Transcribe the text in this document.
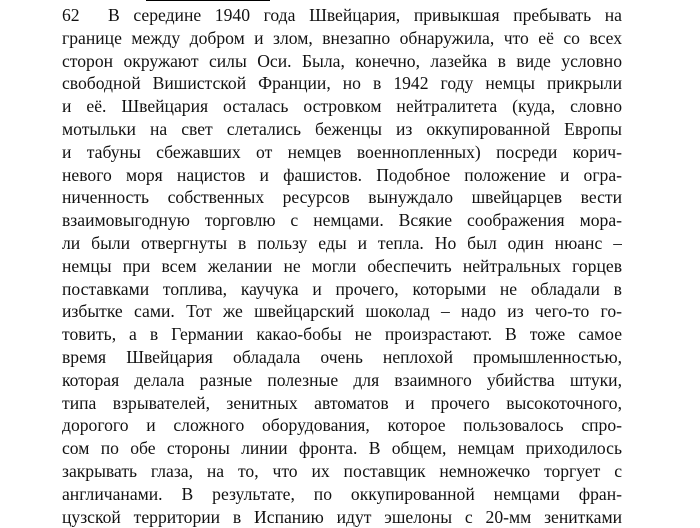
62 В середине 1940 года Швейцария, привыкшая пребывать на
границе между добром и злом, внезапно обнаружила, что её со всех
сторон окружают силы Оси. Была, конечно, лазейка в виде условно
свободной Вишистской Франции, но в 1942 году немцы прикрыли
и её. Швейцария осталась островком нейтралитета (куда, словно
мотыльки на свет слетались беженцы из оккупированной Европы
и табуны сбежавших от немцев военнопленных) посреди корич-
невого моря нацистов и фашистов. Подобное положение и огра-
ниченность собственных ресурсов вынуждало швейцарцев вести
взаимовыгодную торговлю с немцами. Всякие соображения мора-
ли были отвергнуты в пользу еды и тепла. Но был один нюанс –
немцы при всем желании не могли обеспечить нейтральных горцев
поставками топлива, каучука и прочего, которыми не обладали в
избытке сами. Тот же швейцарский шоколад – надо из чего-то го-
товить, а в Германии какао-бобы не произрастают. В тоже самое
время Швейцария обладала очень неплохой промышленностью,
которая делала разные полезные для взаимного убийства штуки,
типа взрывателей, зенитных автоматов и прочего высокоточного,
дорогого и сложного оборудования, которое пользовалось спро-
сом по обе стороны линии фронта. В общем, немцам приходилось
закрывать глаза, на то, что их поставщик немножечко торгует с
англичанами. В результате, по оккупированной немцами фран-
цузской территории в Испанию идут эшелоны с 20-мм зенитками
